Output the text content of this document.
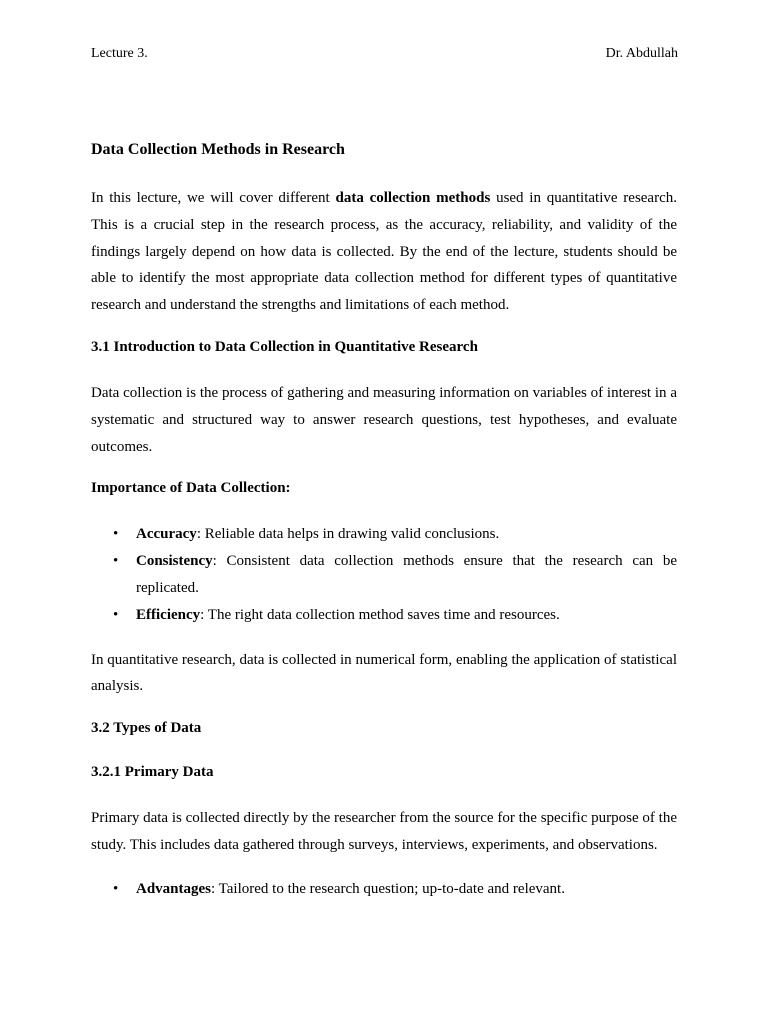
Lecture 3.	Dr. Abdullah
Data Collection Methods in Research

In this lecture, we will cover different data collection methods used in quantitative research. This is a crucial step in the research process, as the accuracy, reliability, and validity of the findings largely depend on how data is collected. By the end of the lecture, students should be able to identify the most appropriate data collection method for different types of quantitative research and understand the strengths and limitations of each method.

3.1 Introduction to Data Collection in Quantitative Research

Data collection is the process of gathering and measuring information on variables of interest in a systematic and structured way to answer research questions, test hypotheses, and evaluate outcomes.

Importance of Data Collection:
• Accuracy: Reliable data helps in drawing valid conclusions.
• Consistency: Consistent data collection methods ensure that the research can be replicated.
• Efficiency: The right data collection method saves time and resources.

In quantitative research, data is collected in numerical form, enabling the application of statistical analysis.

3.2 Types of Data
3.2.1 Primary Data

Primary data is collected directly by the researcher from the source for the specific purpose of the study. This includes data gathered through surveys, interviews, experiments, and observations.

• Advantages: Tailored to the research question; up-to-date and relevant.
